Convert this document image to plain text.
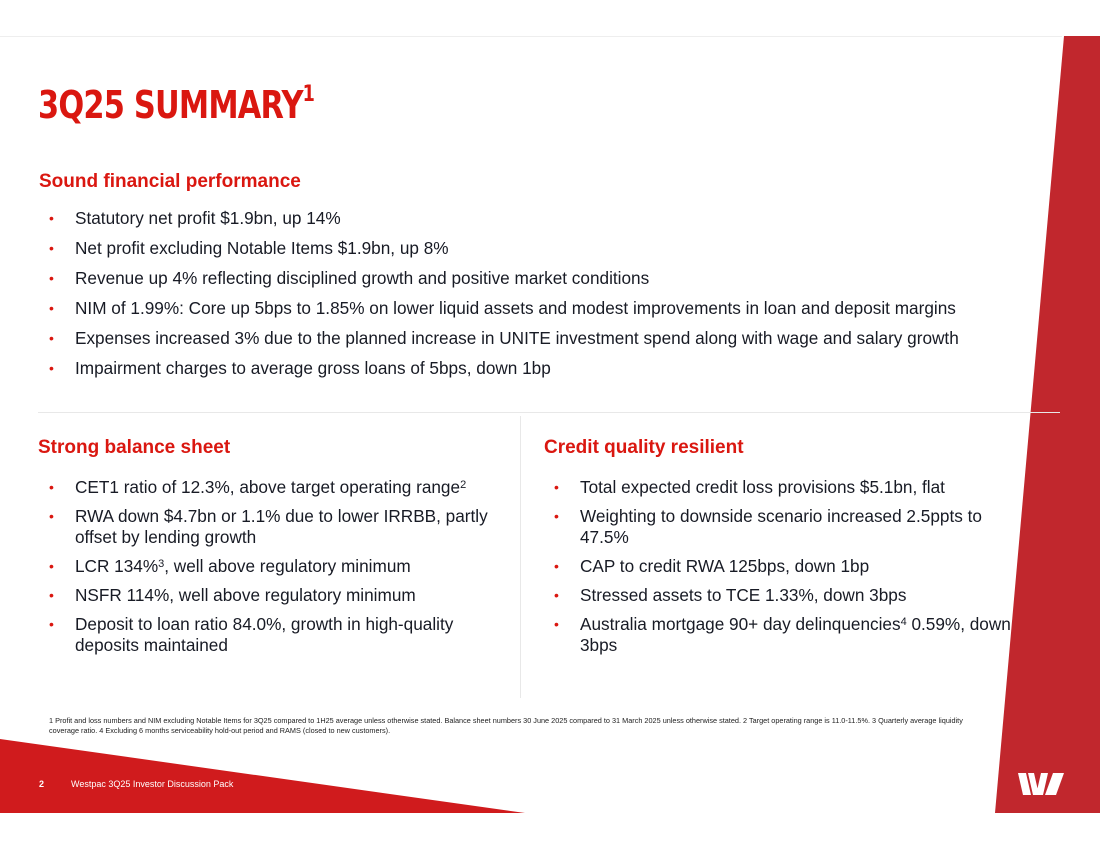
3Q25 SUMMARY$^1$
Sound financial performance
• Statutory net profit $1.9bn, up 14%
• Net profit excluding Notable Items $1.9bn, up 8%
• Revenue up 4% reflecting disciplined growth and positive market conditions
• NIM of 1.99%: Core up 5bps to 1.85% on lower liquid assets and modest improvements in loan and deposit margins
• Expenses increased 3% due to the planned increase in UNITE investment spend along with wage and salary growth
• Impairment charges to average gross loans of 5bps, down 1bp
Strong balance sheet
• CET1 ratio of 12.3%, above target operating range$^2$
• RWA down $4.7bn or 1.1% due to lower IRRBB, partly offset by lending growth
• LCR 134%$^3$, well above regulatory minimum
• NSFR 114%, well above regulatory minimum
• Deposit to loan ratio 84.0%, growth in high-quality deposits maintained
Credit quality resilient
• Total expected credit loss provisions $5.1bn, flat
• Weighting to downside scenario increased 2.5ppts to 47.5%
• CAP to credit RWA 125bps, down 1bp
• Stressed assets to TCE 1.33%, down 3bps
• Australia mortgage 90+ day delinquencies$^4$ 0.59%, down 3bps

1 Profit and loss numbers and NIM excluding Notable Items for 3Q25 compared to 1H25 average unless otherwise stated. Balance sheet numbers 30 June 2025 compared to 31 March 2025 unless otherwise stated. 2 Target operating range is 11.0-11.5%. 3 Quarterly average liquidity coverage ratio. 4 Excluding 6 months serviceability hold-out period and RAMS (closed to new customers).

2	Westpac 3Q25 Investor Discussion Pack
